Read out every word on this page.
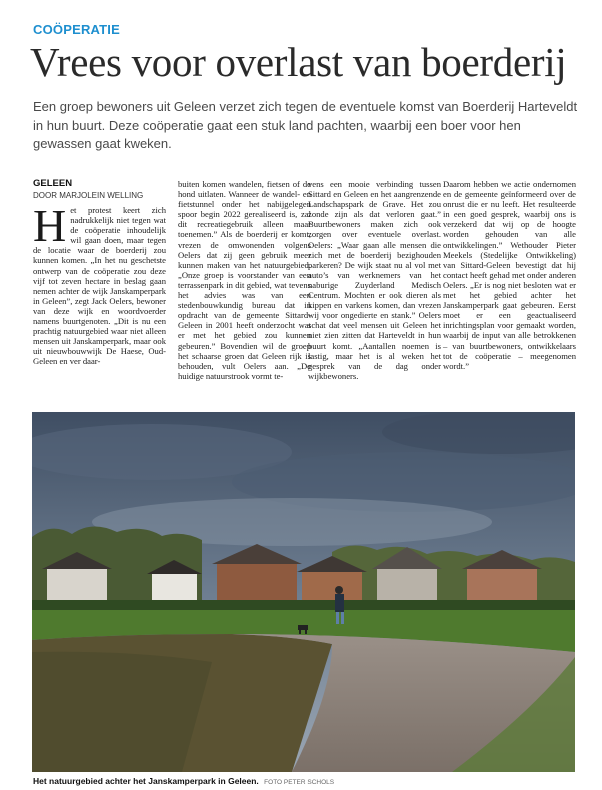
COÖPERATIE
Vrees voor overlast van boerderij
Een groep bewoners uit Geleen verzet zich tegen de eventuele komst van Boerderij Harteveldt in hun buurt. Deze coöperatie gaat een stuk land pachten, waarbij een boer voor hen gewassen gaat kweken.
GELEEN
DOOR MARJOLEIN WELLING

Het protest keert zich nadrukkelijk niet tegen wat de coöperatie inhoudelijk wil gaan doen, maar tegen de locatie waar de boerderij zou kunnen komen. „In het nu geschetste ontwerp van de coöperatie zou deze vijf tot zeven hectare in beslag gaan nemen achter de wijk Janskamperpark in Geleen”, zegt Jack Oelers, bewoner van deze wijk en woordvoerder namens buurtgenoten. „Dit is nu een prachtig natuurgebied waar niet alleen mensen uit Janskamperpark, maar ook uit nieuwbouwwijk De Haese, Oud-Geleen en ver daar-

buiten komen wandelen, fietsen of de hond uitlaten. Wanneer de wandel- en fietstunnel onder het nabijgelegen spoor begin 2022 gerealiseerd is, zal dit recreatiegebruik alleen maar toenemen.” Als de boerderij er komt, vrezen de omwonenden volgens Oelers dat zij geen gebruik meer kunnen maken van het natuurgebied. „Onze groep is voorstander van een terrassenpark in dit gebied, wat tevens het advies was van een stedenbouwkundig bureau dat in opdracht van de gemeente Sittard-Geleen in 2001 heeft onderzocht wat er met het gebied zou kunnen gebeuren.” Bovendien wil de groep het schaarse groen dat Geleen rijk is behouden, vult Oelers aan. „De huidige natuurstrook vormt te-

vens een mooie verbinding tussen Sittard en Geleen en het aangrenzende Landschapspark de Grave. Het zou zonde zijn als dat verloren gaat.” Buurtbewoners maken zich ook zorgen over eventuele overlast. Oelers: „Waar gaan alle mensen die zich met de boerderij bezighouden parkeren? De wijk staat nu al vol met auto’s van werknemers van het naburige Zuyderland Medisch Centrum. Mochten er ook dieren als kippen en varkens komen, dan vrezen wij voor ongedierte en stank.” Oelers schat dat veel mensen uit Geleen het niet zien zitten dat Harteveldt in hun buurt komt. „Aantallen noemen is lastig, maar het is al weken het gesprek van de dag onder wijkbewoners.

Daarom hebben we actie ondernomen en de gemeente geïnformeerd over de onrust die er nu leeft. Het resulteerde in een goed gesprek, waarbij ons is verzekerd dat wij op de hoogte worden gehouden van alle ontwikkelingen.” Wethouder Pieter Meekels (Stedelijke Ontwikkeling) van Sittard-Geleen bevestigt dat hij contact heeft gehad met onder anderen Oelers. „Er is nog niet besloten wat er met het gebied achter het Janskamperpark gaat gebeuren. Eerst moet er een geactualiseerd inrichtingsplan voor gemaakt worden, waarbij de input van alle betrokkenen – van buurtbewoners, ontwikkelaars tot de coöperatie – meegenomen wordt.”

Het natuurgebied achter het Janskamperpark in Geleen. FOTO PETER SCHOLS
